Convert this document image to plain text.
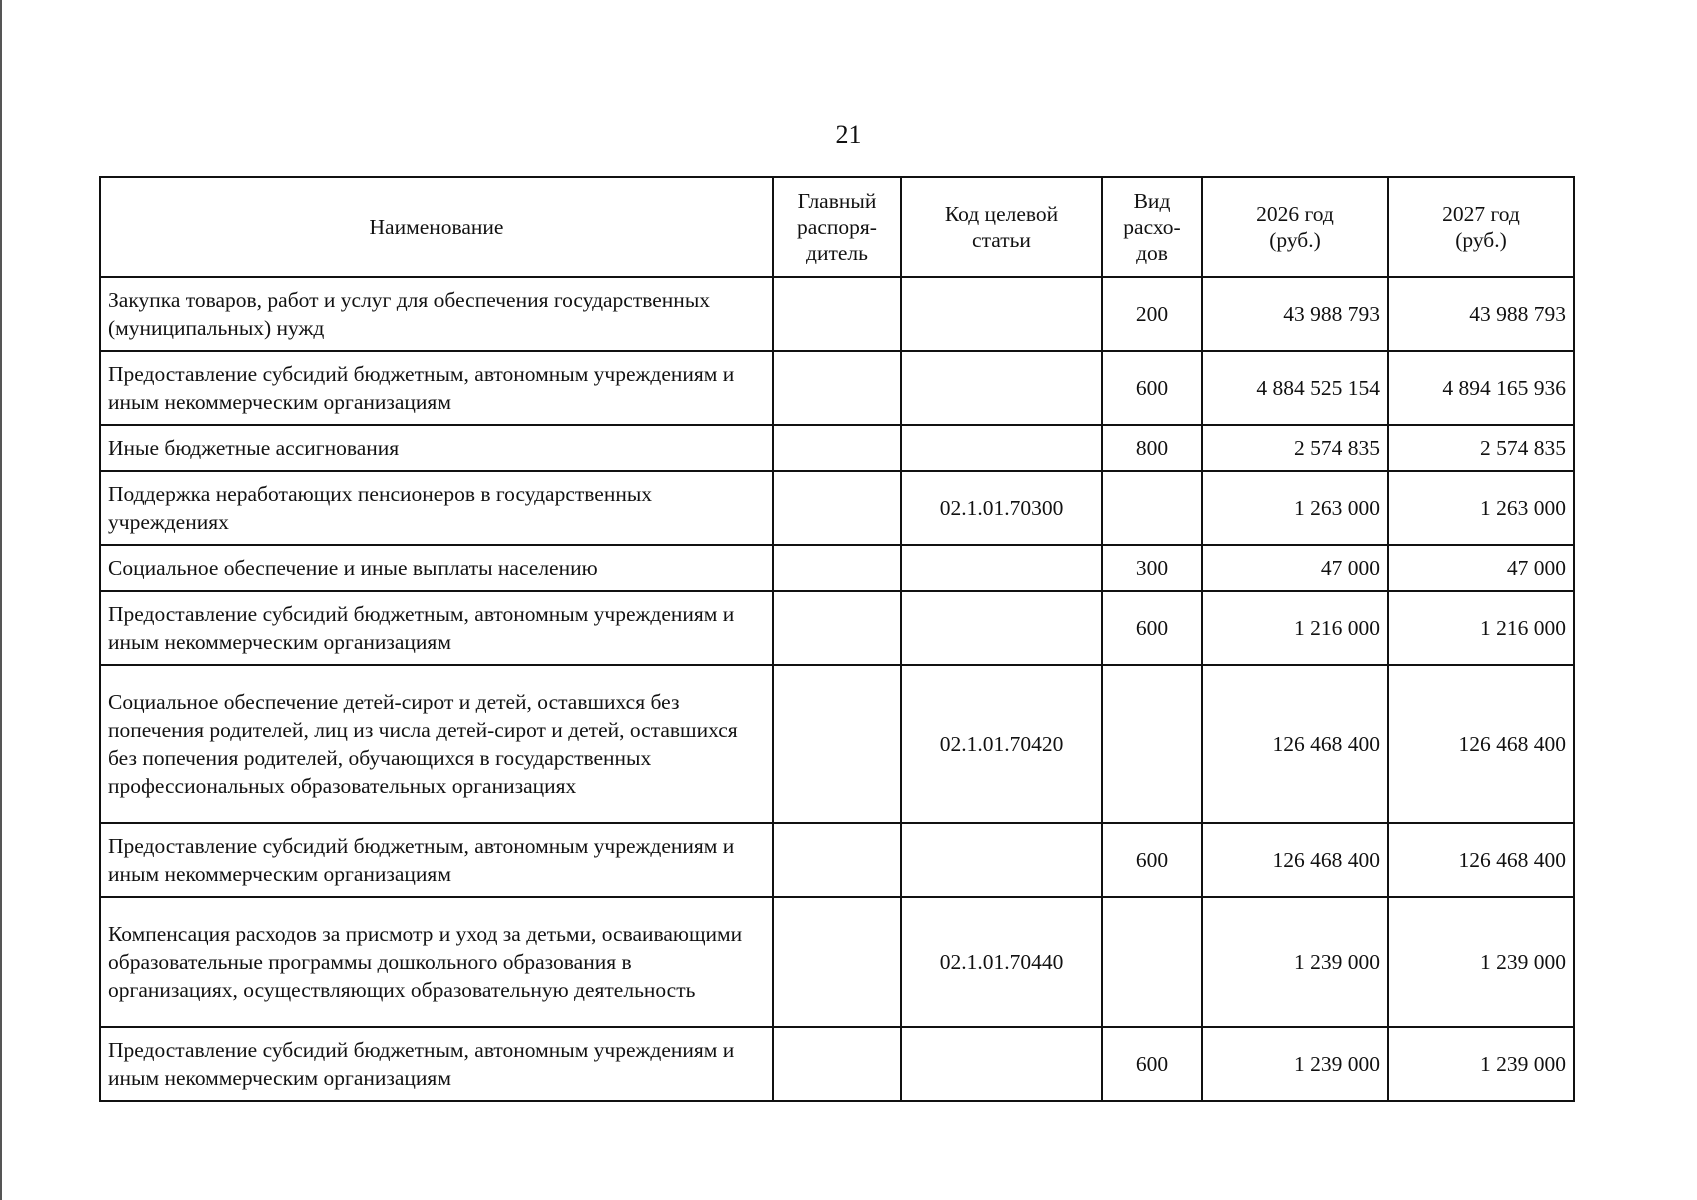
21
Наименование	Главный распоря-дитель	Код целевой статьи	Вид расхо-дов	2026 год (руб.)	2027 год (руб.)
Закупка товаров, работ и услуг для обеспечения государственных (муниципальных) нужд			200	43 988 793	43 988 793
Предоставление субсидий бюджетным, автономным учреждениям и иным некоммерческим организациям			600	4 884 525 154	4 894 165 936
Иные бюджетные ассигнования			800	2 574 835	2 574 835
Поддержка неработающих пенсионеров в государственных учреждениях		02.1.01.70300		1 263 000	1 263 000
Социальное обеспечение и иные выплаты населению			300	47 000	47 000
Предоставление субсидий бюджетным, автономным учреждениям и иным некоммерческим организациям			600	1 216 000	1 216 000
Социальное обеспечение детей-сирот и детей, оставшихся без попечения родителей, лиц из числа детей-сирот и детей, оставшихся без попечения родителей, обучающихся в государственных профессиональных образовательных организациях		02.1.01.70420		126 468 400	126 468 400
Предоставление субсидий бюджетным, автономным учреждениям и иным некоммерческим организациям			600	126 468 400	126 468 400
Компенсация расходов за присмотр и уход за детьми, осваивающими образовательные программы дошкольного образования в организациях, осуществляющих образовательную деятельность		02.1.01.70440		1 239 000	1 239 000
Предоставление субсидий бюджетным, автономным учреждениям и иным некоммерческим организациям			600	1 239 000	1 239 000
